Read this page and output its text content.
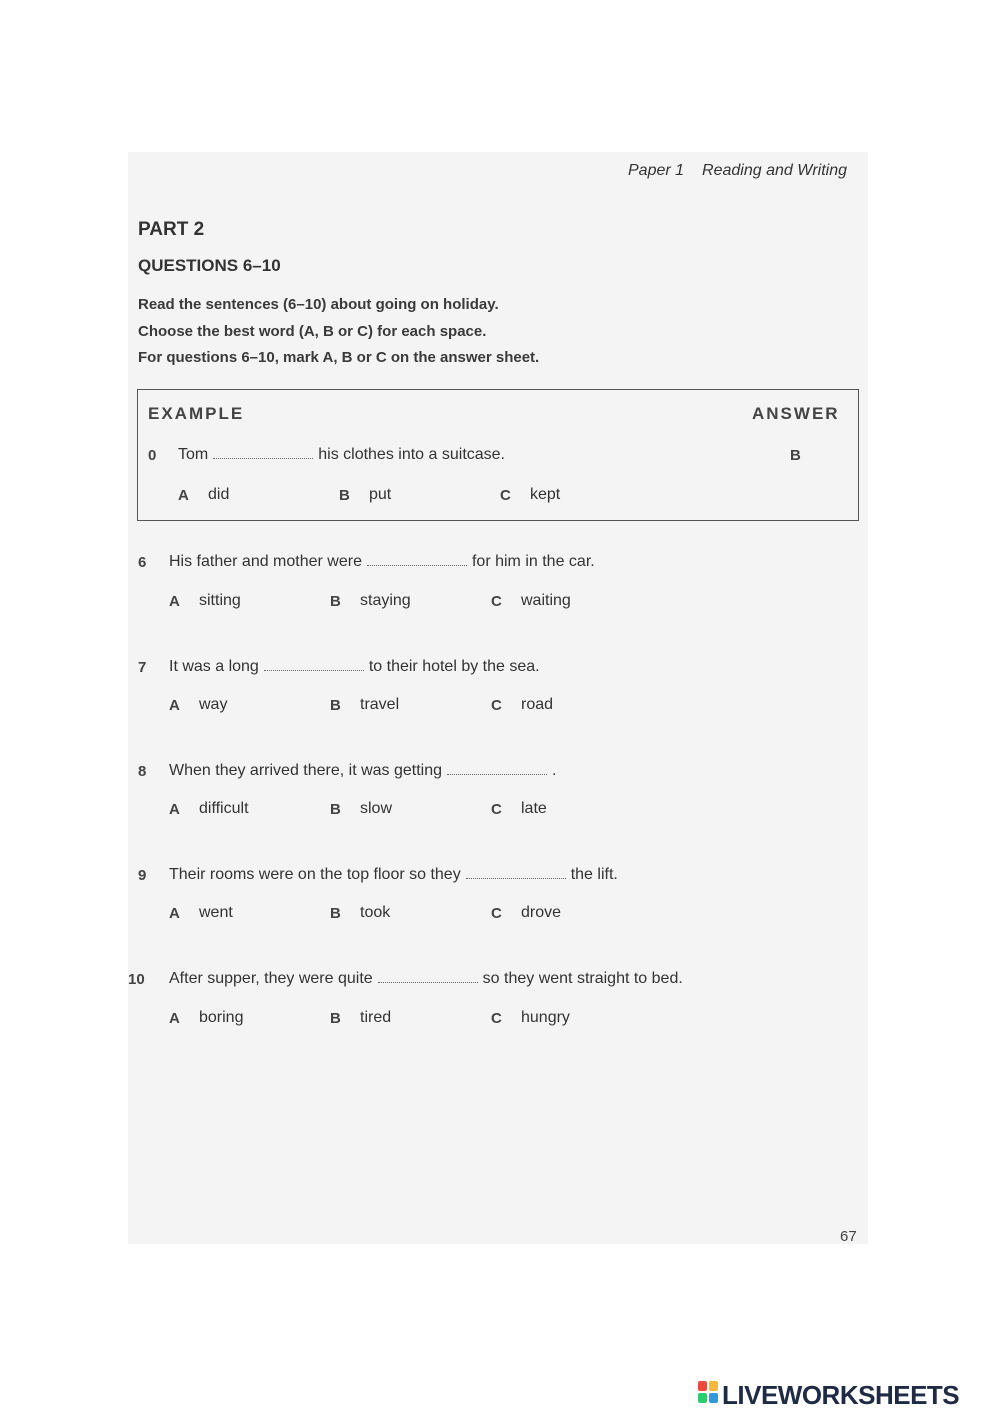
Paper 1 Reading and Writing
PART 2
QUESTIONS 6–10
Read the sentences (6–10) about going on holiday.
Choose the best word (A, B or C) for each space.
For questions 6–10, mark A, B or C on the answer sheet.
EXAMPLE	ANSWER
0 Tom	his clothes into a suitcase.	B
A did	B put	C kept
6 His father and mother were	for him in the car.
A sitting	B staying	C waiting
7 It was a long	to their hotel by the sea.
A way	B travel	C road
8 When they arrived there, it was getting	.
A difficult	B slow	C late
9 Their rooms were on the top floor so they	the lift.
A went	B took	C drove
10 After supper, they were quite	so they went straight to bed.
A boring	B tired	C hungry
67
LIVEWORKSHEETS
